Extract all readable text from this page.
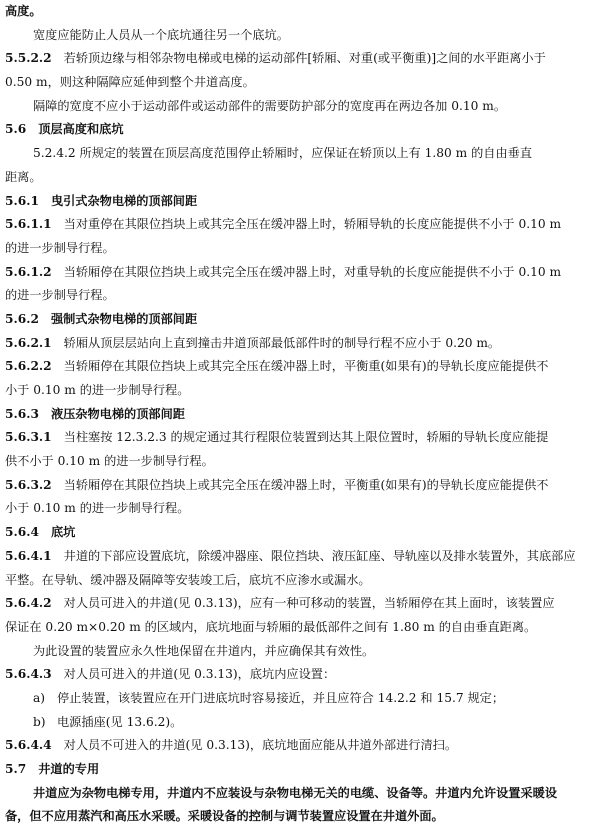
高度。
宽度应能防止人员从一个底坑通往另一个底坑。
5.5.2.2 若轿顶边缘与相邻杂物电梯或电梯的运动部件[轿厢、对重(或平衡重)]之间的水平距离小于
0.50 m，则这种隔障应延伸到整个井道高度。
隔障的宽度不应小于运动部件或运动部件的需要防护部分的宽度再在两边各加 0.10 m。
5.6 顶层高度和底坑
5.2.4.2 所规定的装置在顶层高度范围停止轿厢时，应保证在轿顶以上有 1.80 m 的自由垂直
距离。
5.6.1 曳引式杂物电梯的顶部间距
5.6.1.1 当对重停在其限位挡块上或其完全压在缓冲器上时，轿厢导轨的长度应能提供不小于 0.10 m
的进一步制导行程。
5.6.1.2 当轿厢停在其限位挡块上或其完全压在缓冲器上时，对重导轨的长度应能提供不小于 0.10 m
的进一步制导行程。
5.6.2 强制式杂物电梯的顶部间距
5.6.2.1 轿厢从顶层层站向上直到撞击井道顶部最低部件时的制导行程不应小于 0.20 m。
5.6.2.2 当轿厢停在其限位挡块上或其完全压在缓冲器上时，平衡重(如果有)的导轨长度应能提供不
小于 0.10 m 的进一步制导行程。
5.6.3 液压杂物电梯的顶部间距
5.6.3.1 当柱塞按 12.3.2.3 的规定通过其行程限位装置到达其上限位置时，轿厢的导轨长度应能提
供不小于 0.10 m 的进一步制导行程。
5.6.3.2 当轿厢停在其限位挡块上或其完全压在缓冲器上时，平衡重(如果有)的导轨长度应能提供不
小于 0.10 m 的进一步制导行程。
5.6.4 底坑
5.6.4.1 井道的下部应设置底坑，除缓冲器座、限位挡块、液压缸座、导轨座以及排水装置外，其底部应
平整。在导轨、缓冲器及隔障等安装竣工后，底坑不应渗水或漏水。
5.6.4.2 对人员可进入的井道(见 0.3.13)，应有一种可移动的装置，当轿厢停在其上面时，该装置应
保证在 0.20 m×0.20 m 的区域内，底坑地面与轿厢的最低部件之间有 1.80 m 的自由垂直距离。
为此设置的装置应永久性地保留在井道内，并应确保其有效性。
5.6.4.3 对人员可进入的井道(见 0.3.13)，底坑内应设置：
a) 停止装置，该装置应在开门进底坑时容易接近，并且应符合 14.2.2 和 15.7 规定；
b) 电源插座(见 13.6.2)。
5.6.4.4 对人员不可进入的井道(见 0.3.13)，底坑地面应能从井道外部进行清扫。
5.7 井道的专用
井道应为杂物电梯专用，井道内不应装设与杂物电梯无关的电缆、设备等。井道内允许设置采暖设
备，但不应用蒸汽和高压水采暖。采暖设备的控制与调节装置应设置在井道外面。
